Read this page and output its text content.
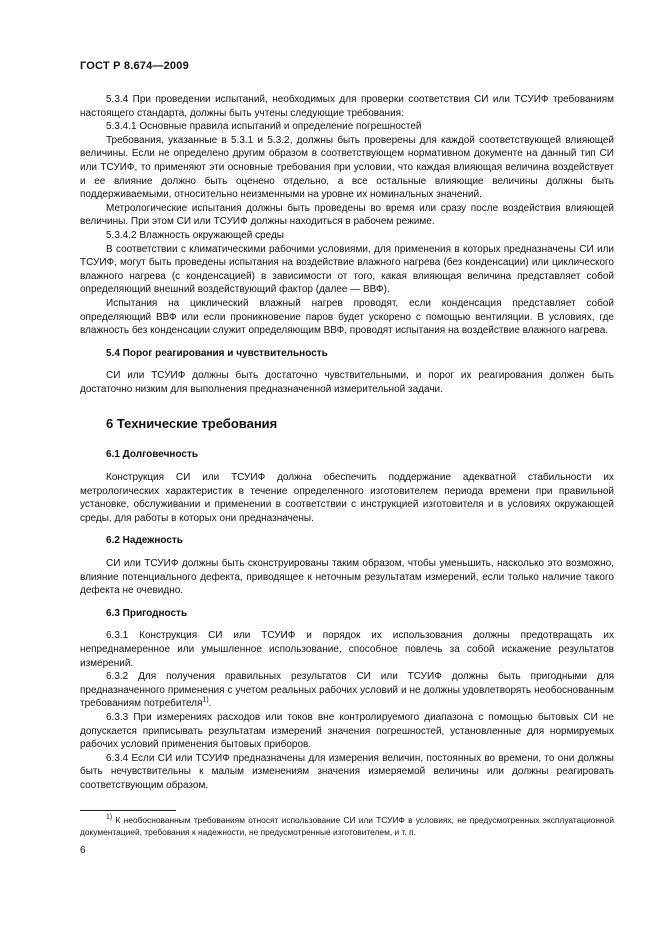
ГОСТ Р 8.674—2009

5.3.4 При проведении испытаний, необходимых для проверки соответствия СИ или ТСУИФ требованиям настоящего стандарта, должны быть учтены следующие требования:

5.3.4.1 Основные правила испытаний и определение погрешностей

Требования, указанные в 5.3.1 и 5.3.2, должны быть проверены для каждой соответствующей влияющей величины. Если не определено другим образом в соответствующем нормативном документе на данный тип СИ или ТСУИФ, то применяют эти основные требования при условии, что каждая влияющая величина воздействует и ее влияние должно быть оценено отдельно, а все остальные влияющие величины должны быть поддерживаемыми, относительно неизменными на уровне их номинальных значений.

Метрологические испытания должны быть проведены во время или сразу после воздействия влияющей величины. При этом СИ или ТСУИФ должны находиться в рабочем режиме.

5.3.4.2 Влажность окружающей среды

В соответствии с климатическими рабочими условиями, для применения в которых предназначены СИ или ТСУИФ, могут быть проведены испытания на воздействие влажного нагрева (без конденсации) или циклического влажного нагрева (с конденсацией) в зависимости от того, какая влияющая величина представляет собой определяющий внешний воздействующий фактор (далее — ВВФ).

Испытания на циклический влажный нагрев проводят, если конденсация представляет собой определяющий ВВФ или если проникновение паров будет ускорено с помощью вентиляции. В условиях, где влажность без конденсации служит определяющим ВВФ, проводят испытания на воздействие влажного нагрева.

5.4 Порог реагирования и чувствительность

СИ или ТСУИФ должны быть достаточно чувствительными, и порог их реагирования должен быть достаточно низким для выполнения предназначенной измерительной задачи.

6 Технические требования

6.1 Долговечность

Конструкция СИ или ТСУИФ должна обеспечить поддержание адекватной стабильности их метрологических характеристик в течение определенного изготовителем периода времени при правильной установке, обслуживании и применении в соответствии с инструкцией изготовителя и в условиях окружающей среды, для работы в которых они предназначены.

6.2 Надежность

СИ или ТСУИФ должны быть сконструированы таким образом, чтобы уменьшить, насколько это возможно, влияние потенциального дефекта, приводящее к неточным результатам измерений, если только наличие такого дефекта не очевидно.

6.3 Пригодность

6.3.1 Конструкция СИ или ТСУИФ и порядок их использования должны предотвращать их непреднамеренное или умышленное использование, способное повлечь за собой искажение результатов измерений.

6.3.2 Для получения правильных результатов СИ или ТСУИФ должны быть пригодными для предназначенного применения с учетом реальных рабочих условий и не должны удовлетворять необоснованным требованиям потребителя$^{1)}$.

6.3.3 При измерениях расходов или токов вне контролируемого диапазона с помощью бытовых СИ не допускается приписывать результатам измерений значения погрешностей, установленные для нормируемых рабочих условий применения бытовых приборов.

6.3.4 Если СИ или ТСУИФ предназначены для измерения величин, постоянных во времени, то они должны быть нечувствительны к малым изменениям значения измеряемой величины или должны реагировать соответствующим образом.

$^{1)}$ К необоснованным требованиям относят использование СИ или ТСУИФ в условиях, не предусмотренных эксплуатационной документацией, требования к надежности, не предусмотренные изготовителем, и т. п.
6
